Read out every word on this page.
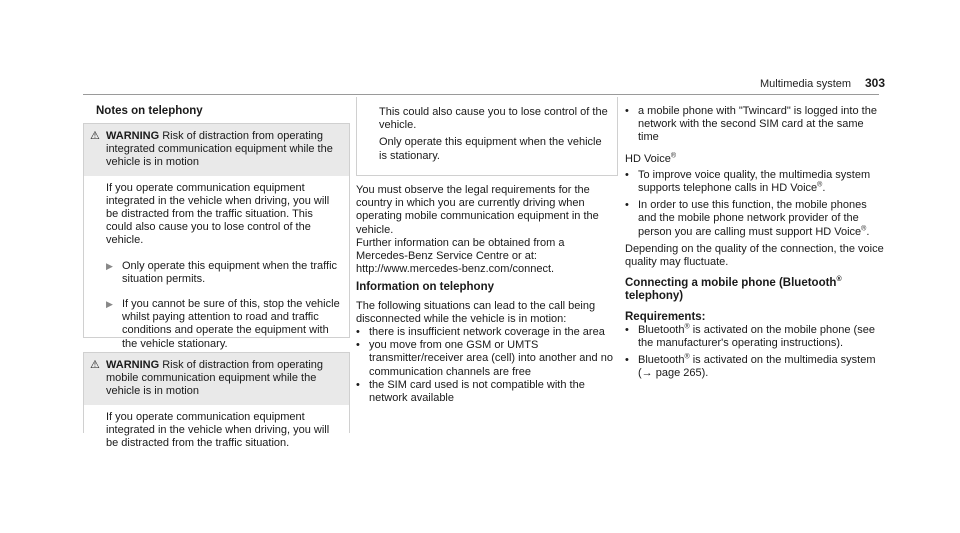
Multimedia system 303

Notes on telephony

⚠ WARNING Risk of distraction from operating integrated communication equipment while the vehicle is in motion

If you operate communication equipment integrated in the vehicle when driving, you will be distracted from the traffic situation. This could also cause you to lose control of the vehicle.

▶ Only operate this equipment when the traffic situation permits.

▶ If you cannot be sure of this, stop the vehicle whilst paying attention to road and traffic conditions and operate the equipment with the vehicle stationary.

⚠ WARNING Risk of distraction from operating mobile communication equipment while the vehicle is in motion

If you operate communication equipment integrated in the vehicle when driving, you will be distracted from the traffic situation.

This could also cause you to lose control of the vehicle.

Only operate this equipment when the vehicle is stationary.

You must observe the legal requirements for the country in which you are currently driving when operating mobile communication equipment in the vehicle.

Further information can be obtained from a Mercedes-Benz Service Centre or at: http://www.mercedes-benz.com/connect.

Information on telephony

The following situations can lead to the call being disconnected while the vehicle is in motion:

• there is insufficient network coverage in the area
• you move from one GSM or UMTS transmitter/receiver area (cell) into another and no communication channels are free
• the SIM card used is not compatible with the network available
• a mobile phone with "Twincard" is logged into the network with the second SIM card at the same time

HD Voice®

• To improve voice quality, the multimedia system supports telephone calls in HD Voice®.
• In order to use this function, the mobile phones and the mobile phone network provider of the person you are calling must support HD Voice®.

Depending on the quality of the connection, the voice quality may fluctuate.

Connecting a mobile phone (Bluetooth® telephony)

Requirements:

• Bluetooth® is activated on the mobile phone (see the manufacturer's operating instructions).
• Bluetooth® is activated on the multimedia system (→ page 265).
